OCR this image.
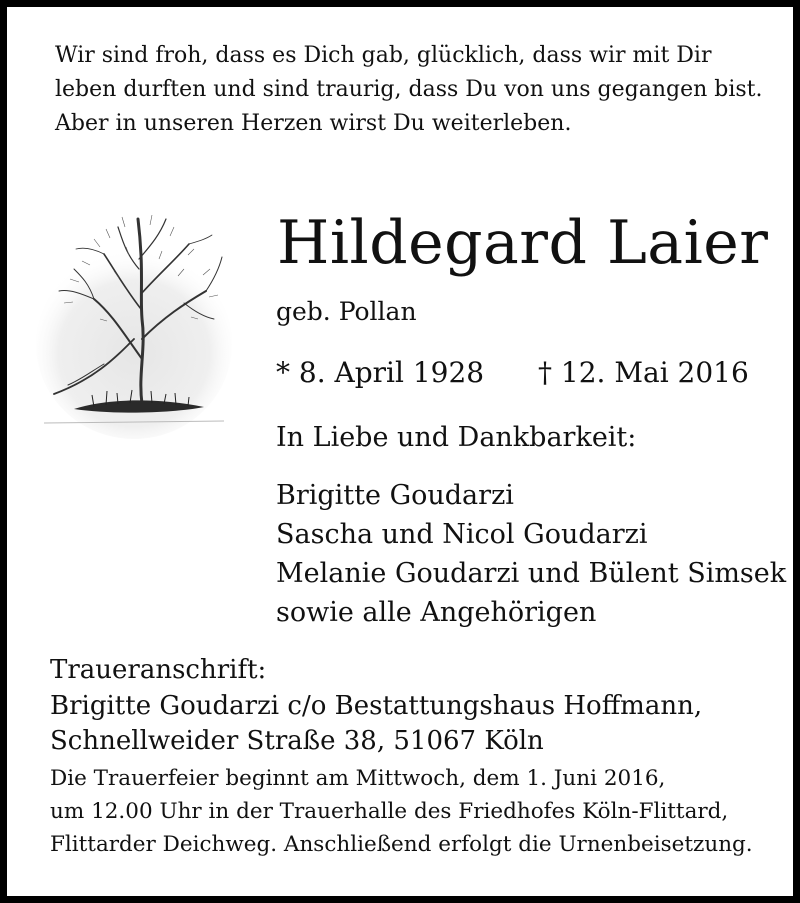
Wir sind froh, dass es Dich gab, glücklich, dass wir mit Dir

leben durften und sind traurig, dass Du von uns gegangen bist.

Aber in unseren Herzen wirst Du weiterleben.

Hildegard Laier

geb. Pollan

* 8. April 1928 † 12. Mai 2016

In Liebe und Dankbarkeit:

Brigitte Goudarzi

Sascha und Nicol Goudarzi

Melanie Goudarzi und Bülent Simsek

sowie alle Angehörigen

Traueranschrift:

Brigitte Goudarzi c/o Bestattungshaus Hoffmann,

Schnellweider Straße 38, 51067 Köln

Die Trauerfeier beginnt am Mittwoch, dem 1. Juni 2016,

um 12.00 Uhr in der Trauerhalle des Friedhofes Köln-Flittard,

Flittarder Deichweg. Anschließend erfolgt die Urnenbeisetzung.
